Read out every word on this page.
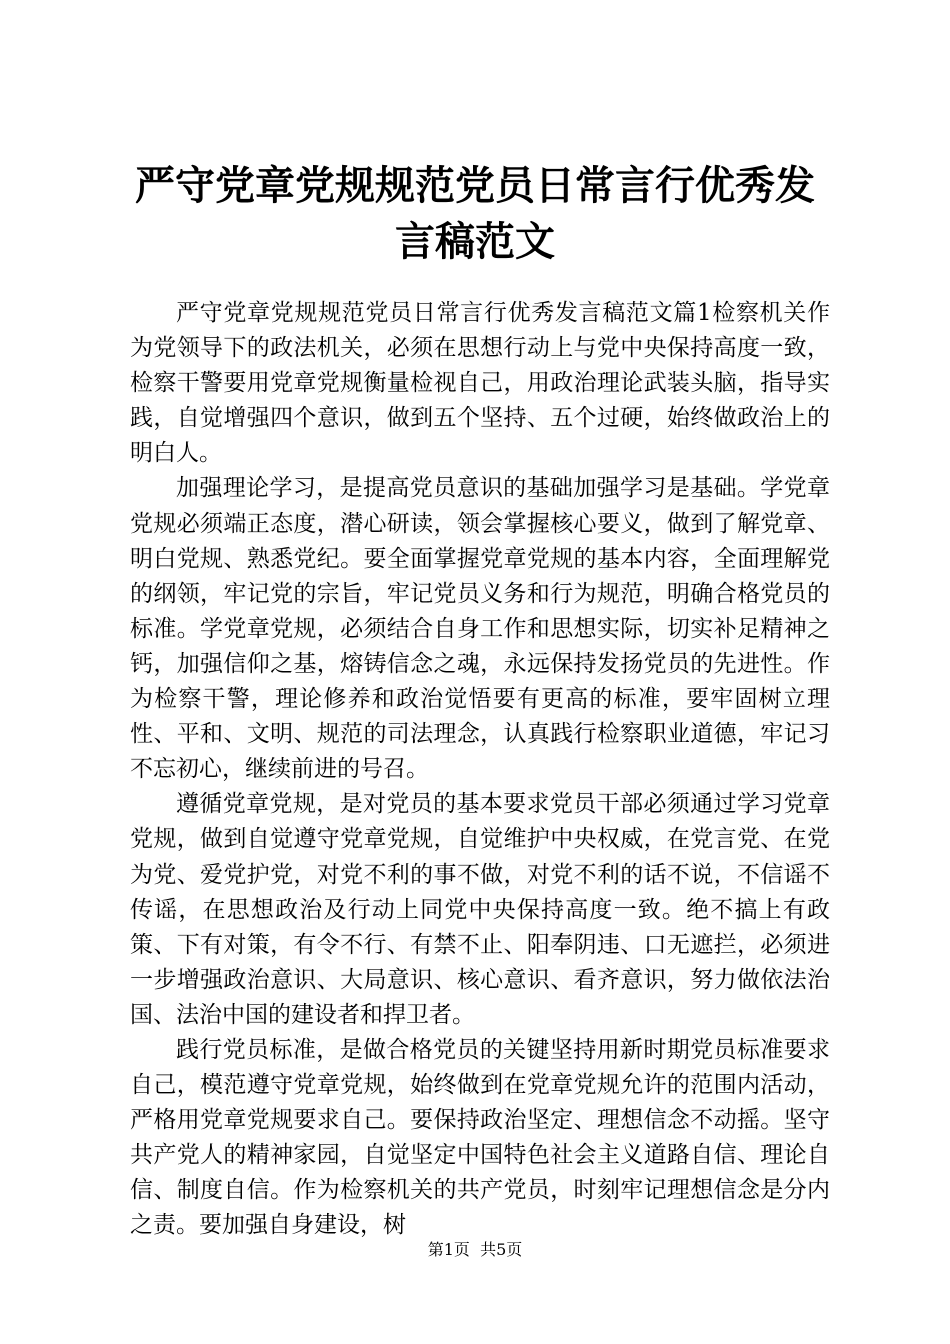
严守党章党规规范党员日常言行优秀发言稿范文

严守党章党规规范党员日常言行优秀发言稿范文篇1检察机关作为党领导下的政法机关，必须在思想行动上与党中央保持高度一致，检察干警要用党章党规衡量检视自己，用政治理论武装头脑，指导实践，自觉增强四个意识，做到五个坚持、五个过硬，始终做政治上的明白人。

加强理论学习，是提高党员意识的基础加强学习是基础。学党章党规必须端正态度，潜心研读，领会掌握核心要义，做到了解党章、明白党规、熟悉党纪。要全面掌握党章党规的基本内容，全面理解党的纲领，牢记党的宗旨，牢记党员义务和行为规范，明确合格党员的标准。学党章党规，必须结合自身工作和思想实际，切实补足精神之钙，加强信仰之基，熔铸信念之魂，永远保持发扬党员的先进性。作为检察干警，理论修养和政治觉悟要有更高的标准，要牢固树立理性、平和、文明、规范的司法理念，认真践行检察职业道德，牢记习不忘初心，继续前进的号召。

遵循党章党规，是对党员的基本要求党员干部必须通过学习党章党规，做到自觉遵守党章党规，自觉维护中央权威，在党言党、在党为党、爱党护党，对党不利的事不做，对党不利的话不说，不信谣不传谣，在思想政治及行动上同党中央保持高度一致。绝不搞上有政策、下有对策，有令不行、有禁不止、阳奉阴违、口无遮拦，必须进一步增强政治意识、大局意识、核心意识、看齐意识，努力做依法治国、法治中国的建设者和捍卫者。

践行党员标准，是做合格党员的关键坚持用新时期党员标准要求自己，模范遵守党章党规，始终做到在党章党规允许的范围内活动，严格用党章党规要求自己。要保持政治坚定、理想信念不动摇。坚守共产党人的精神家园，自觉坚定中国特色社会主义道路自信、理论自信、制度自信。作为检察机关的共产党员，时刻牢记理想信念是分内之责。要加强自身建设，树

第1页 共5页
